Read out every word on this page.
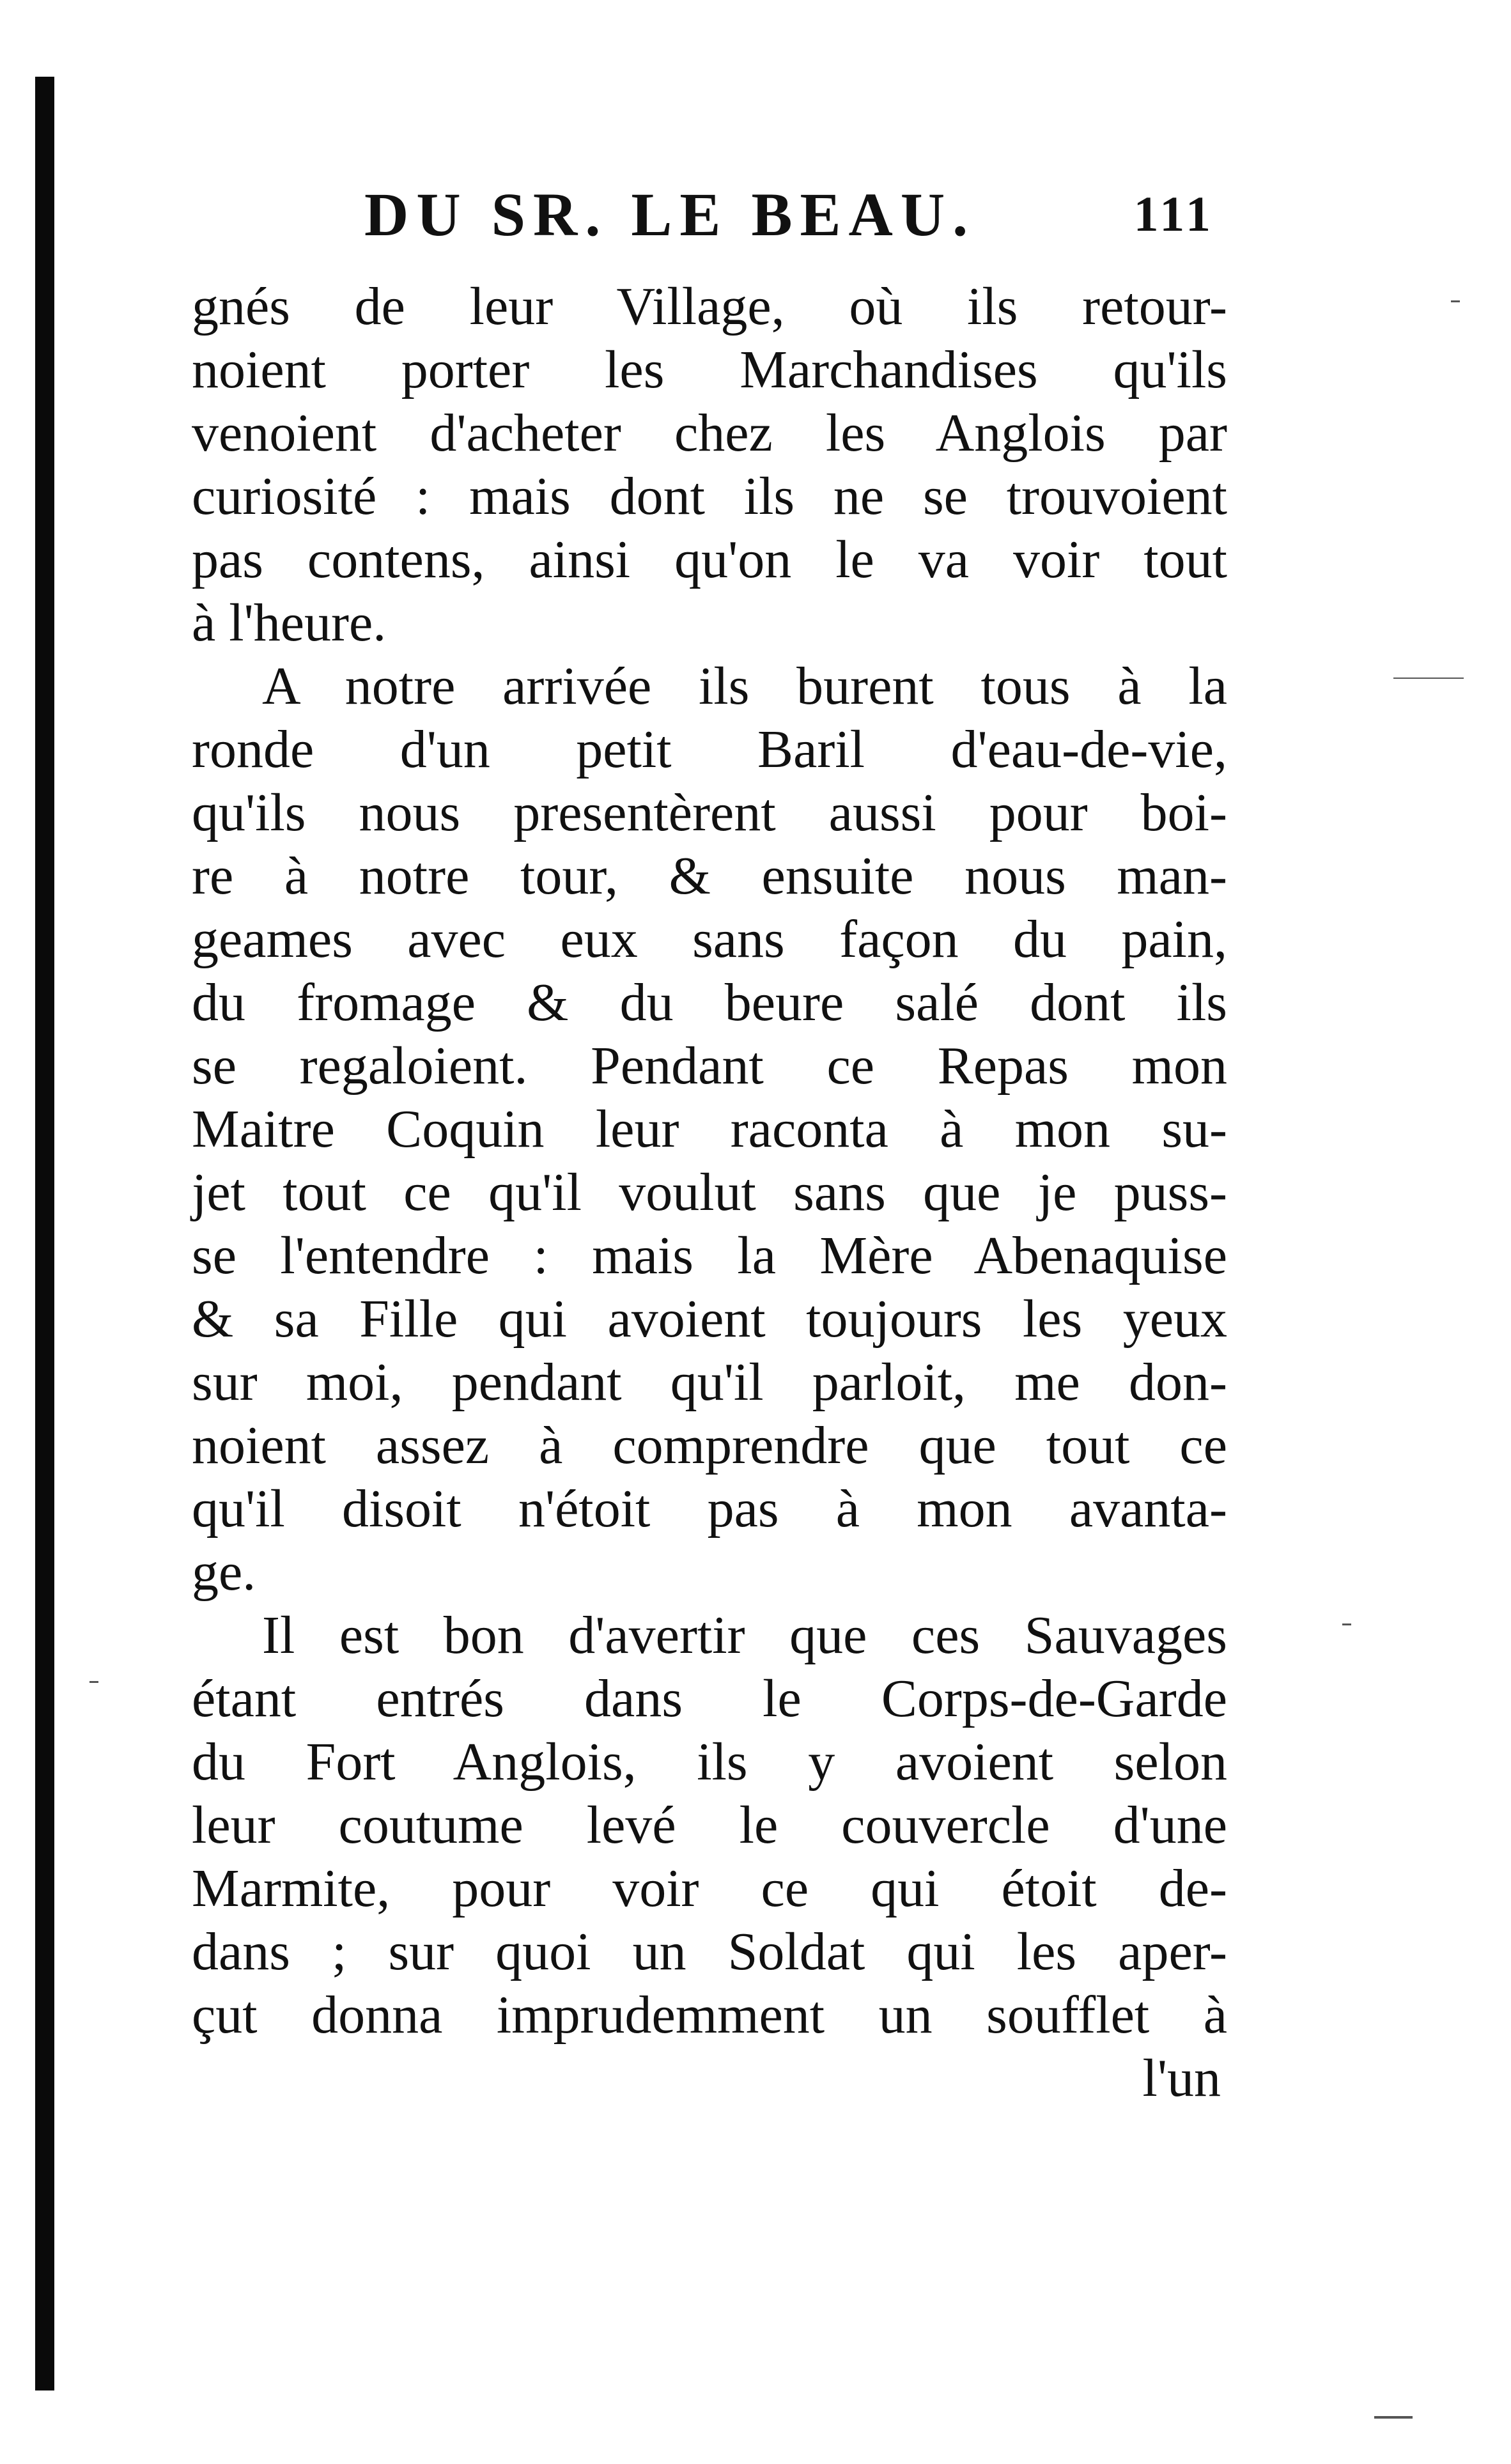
DU SR. LE BEAU.	111
gnés de leur Village, où ils retour-
noient porter les Marchandises qu'ils
venoient d'acheter chez les Anglois par
curiosité : mais dont ils ne se trouvoient
pas contens, ainsi qu'on le va voir tout
à l'heure.
A notre arrivée ils burent tous à la
ronde d'un petit Baril d'eau-de-vie,
qu'ils nous presentèrent aussi pour boi-
re à notre tour, & ensuite nous man-
geames avec eux sans façon du pain,
du fromage & du beure salé dont ils
se regaloient. Pendant ce Repas mon
Maitre Coquin leur raconta à mon su-
jet tout ce qu'il voulut sans que je puss-
se l'entendre : mais la Mère Abenaquise
& sa Fille qui avoient toujours les yeux
sur moi, pendant qu'il parloit, me don-
noient assez à comprendre que tout ce
qu'il disoit n'étoit pas à mon avanta-
ge.
Il est bon d'avertir que ces Sauvages
étant entrés dans le Corps-de-Garde
du Fort Anglois, ils y avoient selon
leur coutume levé le couvercle d'une
Marmite, pour voir ce qui étoit de-
dans ; sur quoi un Soldat qui les aper-
çut donna imprudemment un soufflet à
l'un
